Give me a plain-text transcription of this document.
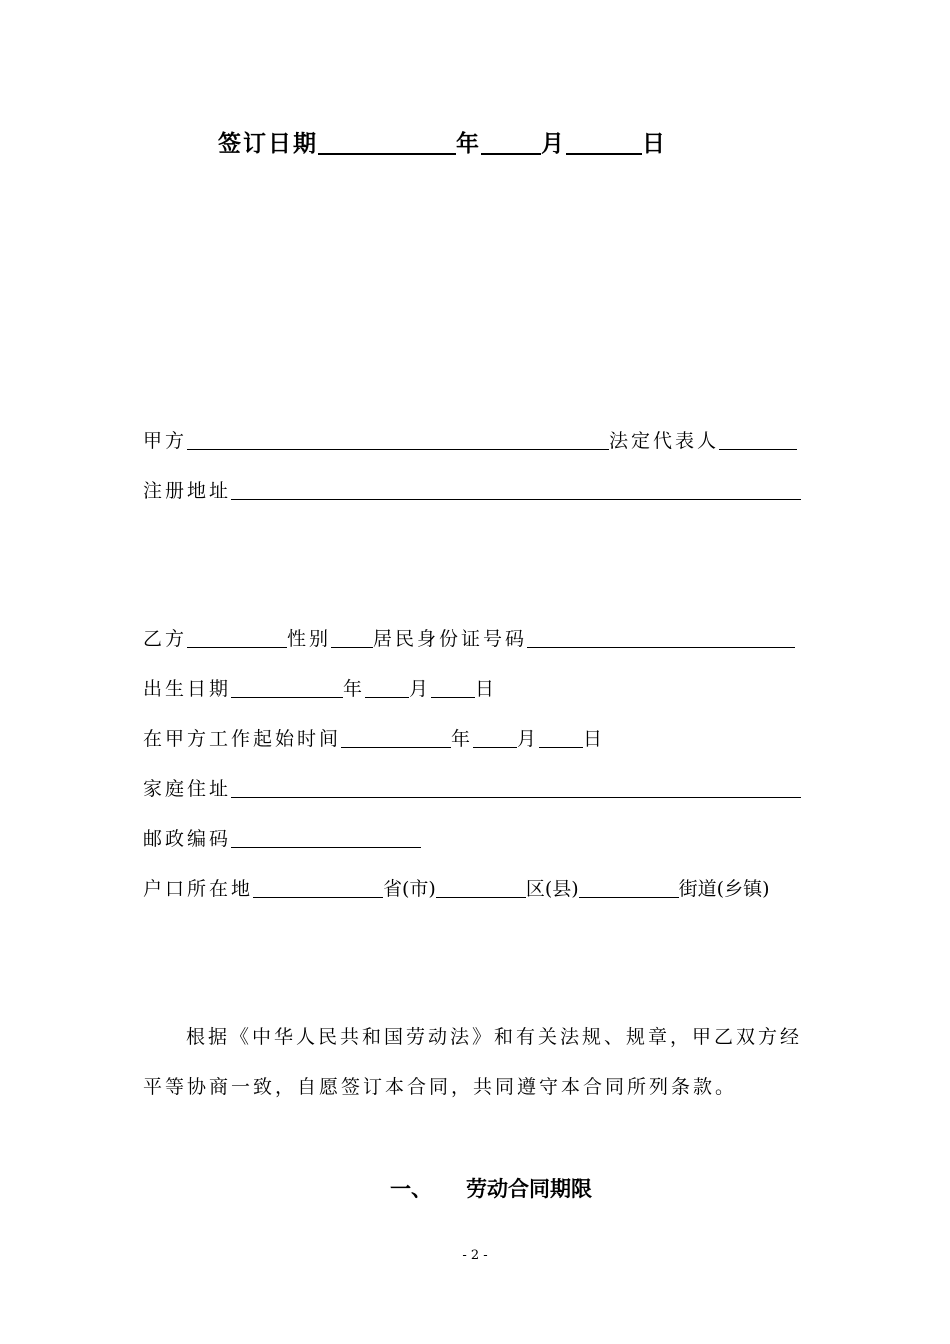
签订日期	年	月	日
甲方	法定代表人
注册地址
乙方	性别 居民身份证号码
出生日期	年 月 日
在甲方工作起始时间	年 月 日
家庭住址
邮政编码
户口所在地	省(市)	区(县)	街道(乡镇)
根据《中华人民共和国劳动法》和有关法规、规章，甲乙双方经平等协商一致，自愿签订本合同，共同遵守本合同所列条款。
一、 劳动合同期限
- 2 -
